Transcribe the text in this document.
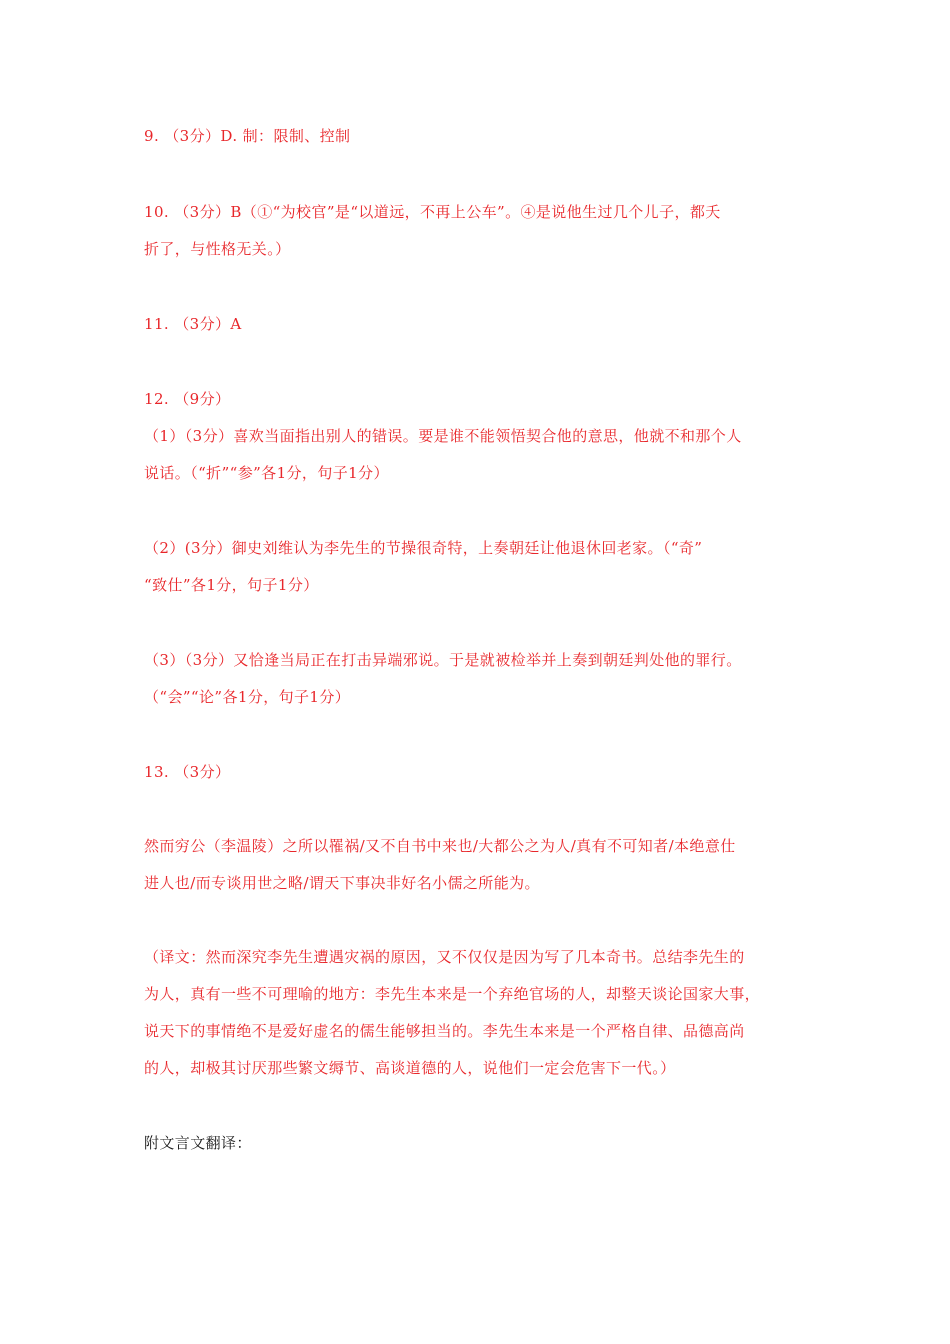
9. （3分）D. 制：限制、控制
10. （3分）B（①“为校官”是“以道远，不再上公车”。④是说他生过几个儿子，都夭
折了，与性格无关。）
11. （3分）A
12. （9分）
（1）（3分）喜欢当面指出别人的错误。要是谁不能领悟契合他的意思，他就不和那个人
说话。（“折”“参”各1分，句子1分）
（2）(3分）御史刘维认为李先生的节操很奇特，上奏朝廷让他退休回老家。（“奇”
“致仕”各1分，句子1分）
（3）（3分）又恰逢当局正在打击异端邪说。于是就被检举并上奏到朝廷判处他的罪行。
（“会”“论”各1分，句子1分）
13. （3分）
然而穷公（李温陵）之所以罹祸/又不自书中来也/大都公之为人/真有不可知者/本绝意仕
进人也/而专谈用世之略/谓天下事决非好名小儒之所能为。
（译文：然而深究李先生遭遇灾祸的原因，又不仅仅是因为写了几本奇书。总结李先生的
为人，真有一些不可理喻的地方：李先生本来是一个弃绝官场的人，却整天谈论国家大事，
说天下的事情绝不是爱好虚名的儒生能够担当的。李先生本来是一个严格自律、品德高尚
的人，却极其讨厌那些繁文缛节、高谈道德的人，说他们一定会危害下一代。）
附文言文翻译：
